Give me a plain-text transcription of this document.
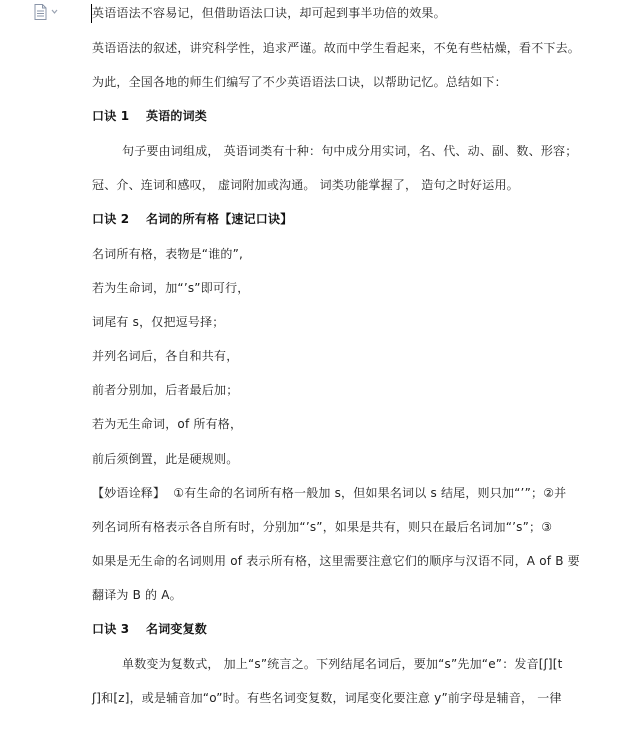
英语语法不容易记，但借助语法口诀，却可起到事半功倍的效果。
英语语法的叙述，讲究科学性，追求严谨。故而中学生看起来，不免有些枯燥，看不下去。
为此，全国各地的师生们编写了不少英语语法口诀，以帮助记忆。总结如下：
口诀 1 英语的词类
句子要由词组成， 英语词类有十种：句中成分用实词，名、代、动、副、数、形容；
冠、介、连词和感叹， 虚词附加或沟通。 词类功能掌握了， 造句之时好运用。
口诀 2 名词的所有格【速记口诀】
名词所有格，表物是“谁的”,
若为生命词，加“’s”即可行，
词尾有 s，仅把逗号择；
并列名词后，各自和共有，
前者分别加，后者最后加；
若为无生命词，of 所有格，
前后须倒置，此是硬规则。
【妙语诠释】 ①有生命的名词所有格一般加 s，但如果名词以 s 结尾，则只加“’”；②并
列名词所有格表示各自所有时，分别加“’s”，如果是共有，则只在最后名词加“’s”；③
如果是无生命的名词则用 of 表示所有格，这里需要注意它们的顺序与汉语不同，A of B 要
翻译为 B 的 A。
口诀 3 名词变复数
单数变为复数式， 加上“s”统言之。下列结尾名词后，要加“s”先加“e”：发音[ʃ][t
ʃ]和[z]，或是辅音加“o”时。有些名词变复数，词尾变化要注意 y”前字母是辅音， 一律
